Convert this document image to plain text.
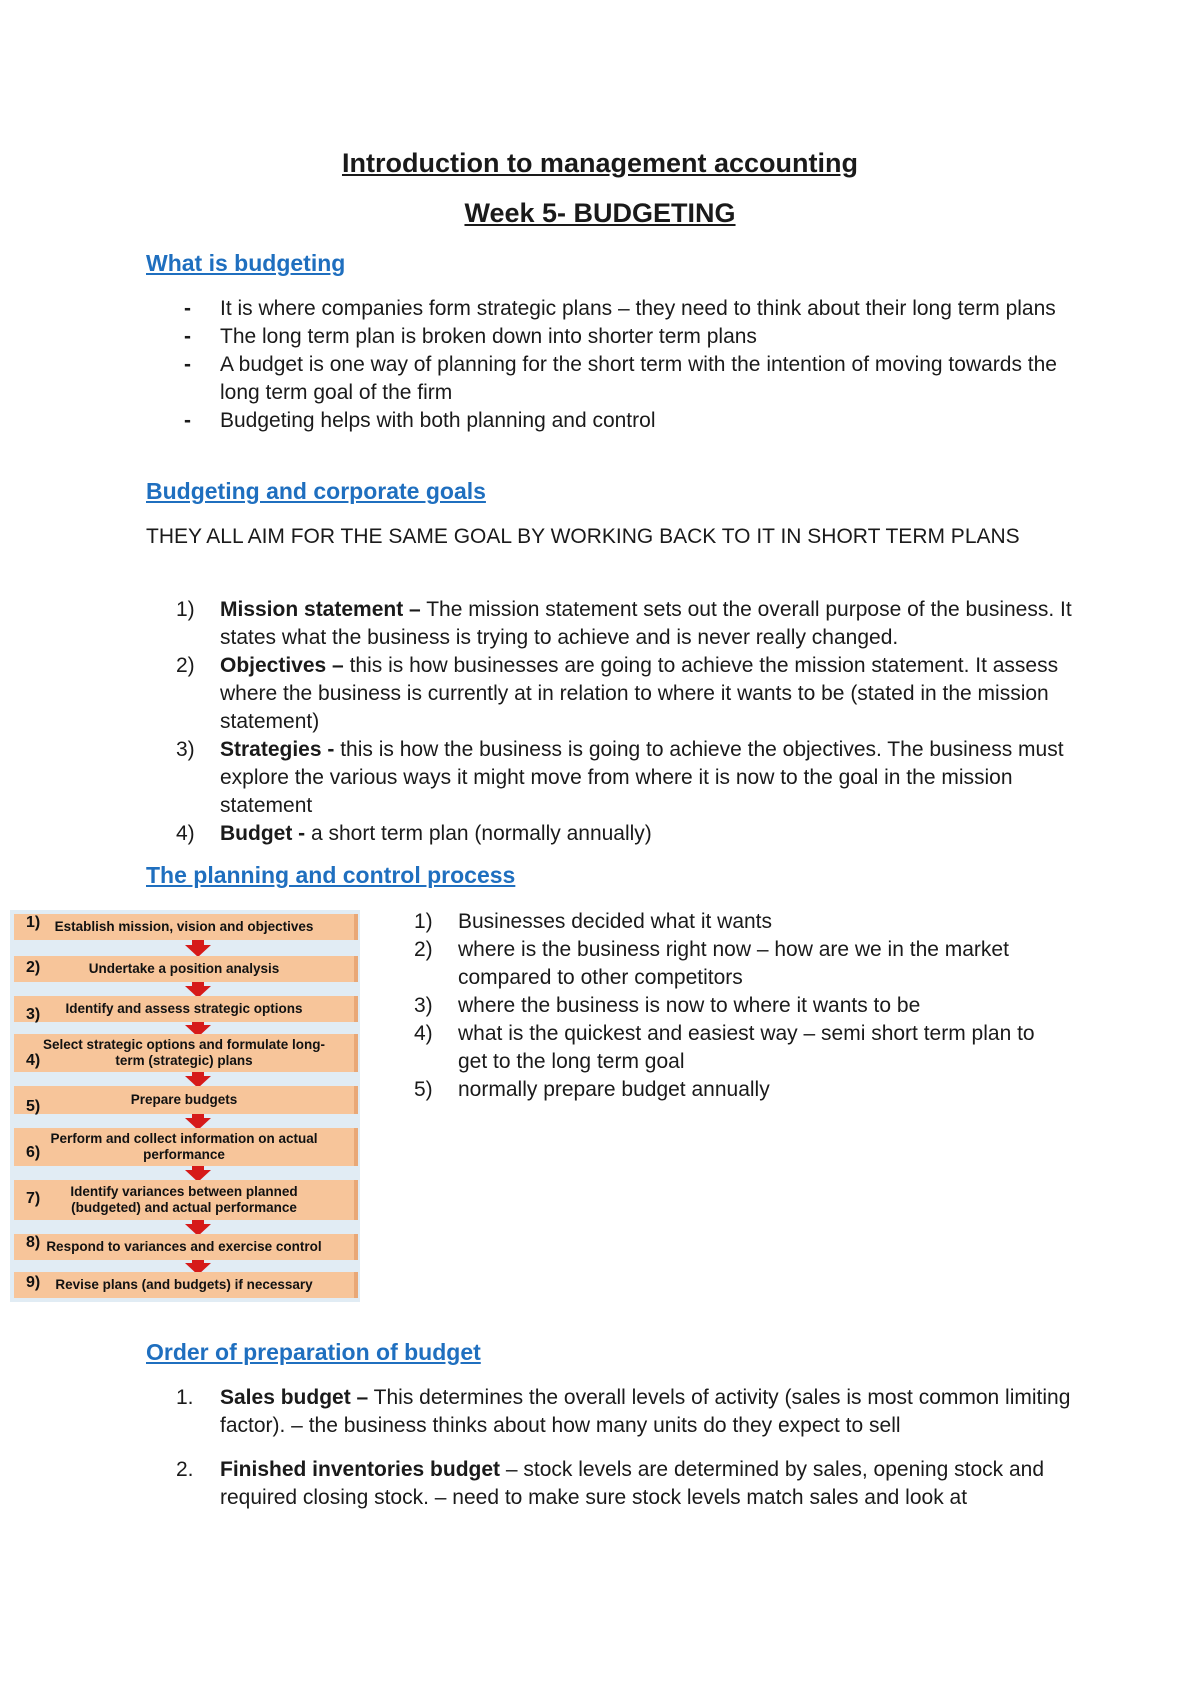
Introduction to management accounting
Week 5- BUDGETING
What is budgeting
- It is where companies form strategic plans – they need to think about their long term plans
- The long term plan is broken down into shorter term plans
- A budget is one way of planning for the short term with the intention of moving towards the long term goal of the firm
- Budgeting helps with both planning and control
Budgeting and corporate goals
THEY ALL AIM FOR THE SAME GOAL BY WORKING BACK TO IT IN SHORT TERM PLANS
1) Mission statement – The mission statement sets out the overall purpose of the business. It states what the business is trying to achieve and is never really changed.
2) Objectives – this is how businesses are going to achieve the mission statement. It assess where the business is currently at in relation to where it wants to be (stated in the mission statement)
3) Strategies - this is how the business is going to achieve the objectives. The business must explore the various ways it might move from where it is now to the goal in the mission statement
4) Budget - a short term plan (normally annually)
The planning and control process
Establish mission, vision and objectives
1)
Undertake a position analysis
2)
Identify and assess strategic options
3)
Select strategic options and formulate long-term (strategic) plans
4)
Prepare budgets
5)
Perform and collect information on actual performance
6)
Identify variances between planned (budgeted) and actual performance
7)
Respond to variances and exercise control
8)
Revise plans (and budgets) if necessary
9)
1) Businesses decided what it wants
2) where is the business right now – how are we in the market compared to other competitors
3) where the business is now to where it wants to be
4) what is the quickest and easiest way – semi short term plan to get to the long term goal
5) normally prepare budget annually
Order of preparation of budget
1. Sales budget – This determines the overall levels of activity (sales is most common limiting factor). – the business thinks about how many units do they expect to sell
2. Finished inventories budget – stock levels are determined by sales, opening stock and required closing stock. – need to make sure stock levels match sales and look at
